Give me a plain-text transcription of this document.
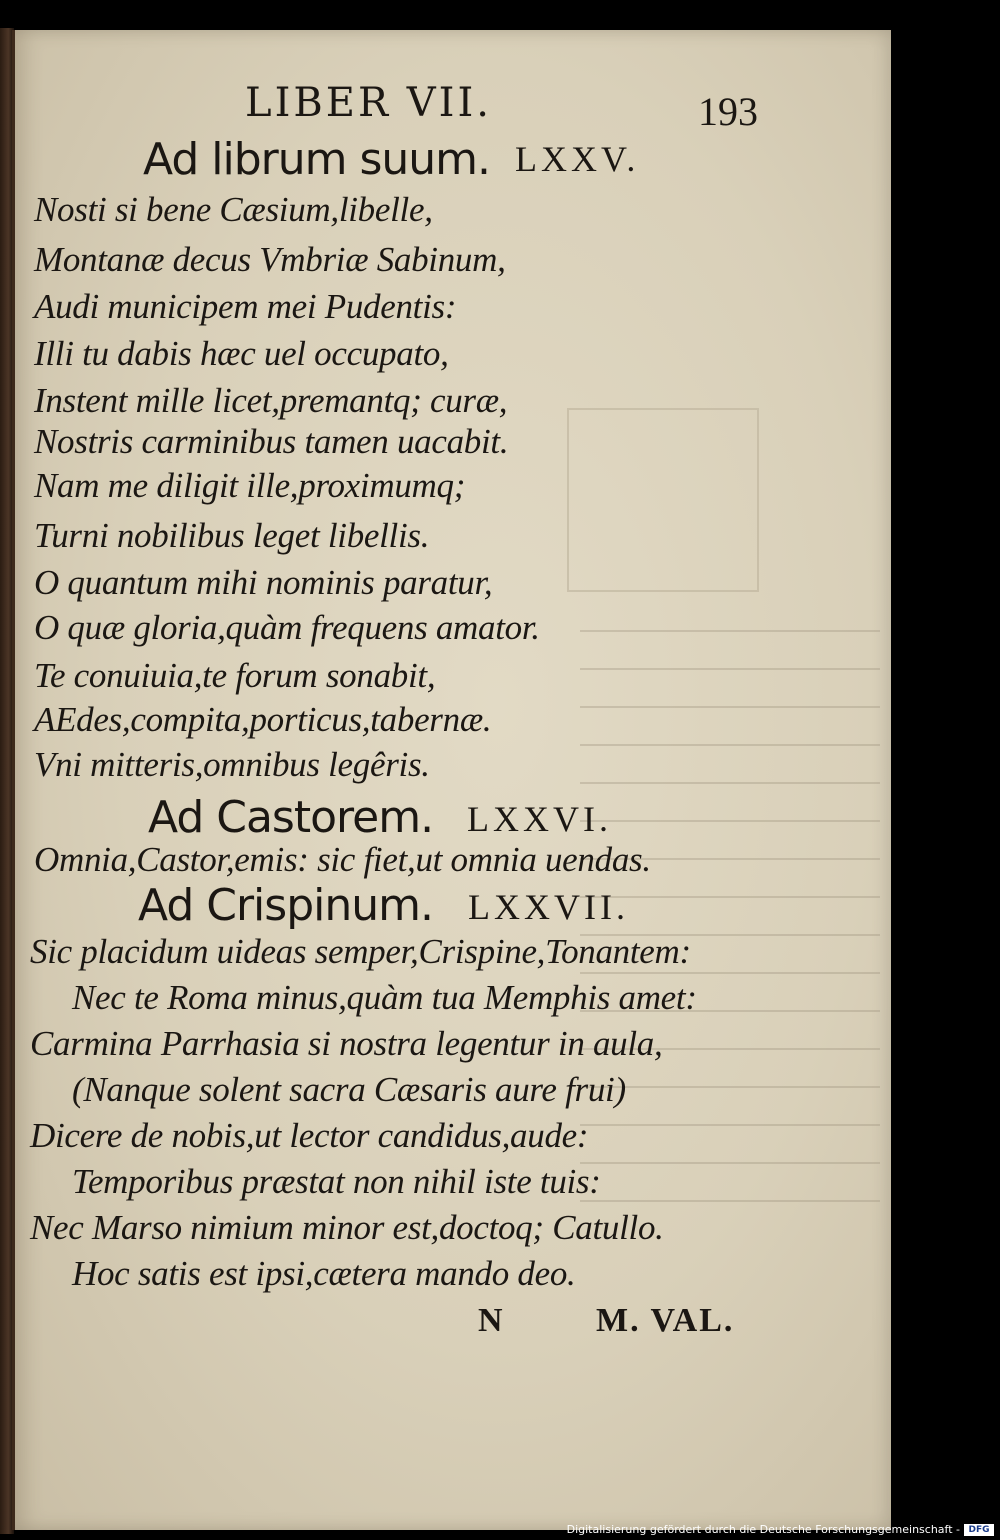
LIBER VII.	193
Ad librum suum. LXXV.
Nosti si bene Cæsium,libelle,
Montanæ decus Vmbriæ Sabinum,
Audi municipem mei Pudentis:
Illi tu dabis hæc uel occupato,
Instent mille licet,premantq; curæ,
Nostris carminibus tamen uacabit.
Nam me diligit ille,proximumq;
Turni nobilibus leget libellis.
O quantum mihi nominis paratur,
O quæ gloria,quàm frequens amator.
Te conuiuia,te forum sonabit,
AEdes,compita,porticus,tabernæ.
Vni mitteris,omnibus legêris.
Ad Castorem. LXXVI.
Omnia,Castor,emis: sic fiet,ut omnia uendas.
Ad Crispinum. LXXVII.
Sic placidum uideas semper,Crispine,Tonantem:
Nec te Roma minus,quàm tua Memphis amet:
Carmina Parrhasia si nostra legentur in aula,
(Nanque solent sacra Cæsaris aure frui)
Dicere de nobis,ut lector candidus,aude:
Temporibus præstat non nihil iste tuis:
Nec Marso nimium minor est,doctoq; Catullo.
Hoc satis est ipsi,cætera mando deo.
N	M. VAL.
Digitalisierung gefördert durch die Deutsche Forschungsgemeinschaft - DFG
